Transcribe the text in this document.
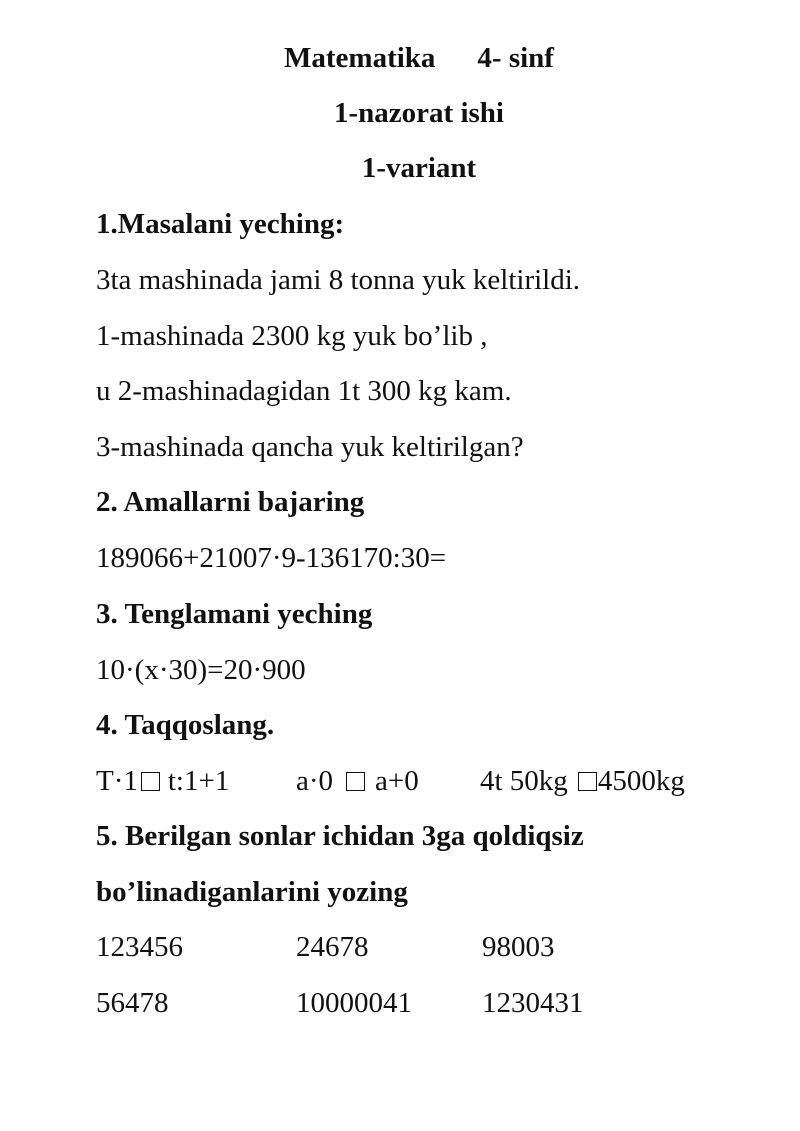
Matematika 4- sinf
1-nazorat ishi
1-variant
1.Masalani yeching:
3ta mashinada jami 8 tonna yuk keltirildi.
1-mashinada 2300 kg yuk bo’lib ,
u 2-mashinadagidan 1t 300 kg kam.
3-mashinada qancha yuk keltirilgan?
2. Amallarni bajaring
189066+21007·9-136170:30=
3. Tenglamani yeching
10·(x·30)=20·900
4. Taqqoslang.
T·1 t:1+1 a·0 a+0 4t 50kg 4500kg
5. Berilgan sonlar ichidan 3ga qoldiqsiz
bo’linadiganlarini yozing
123456	24678	98003
56478	10000041 1230431
